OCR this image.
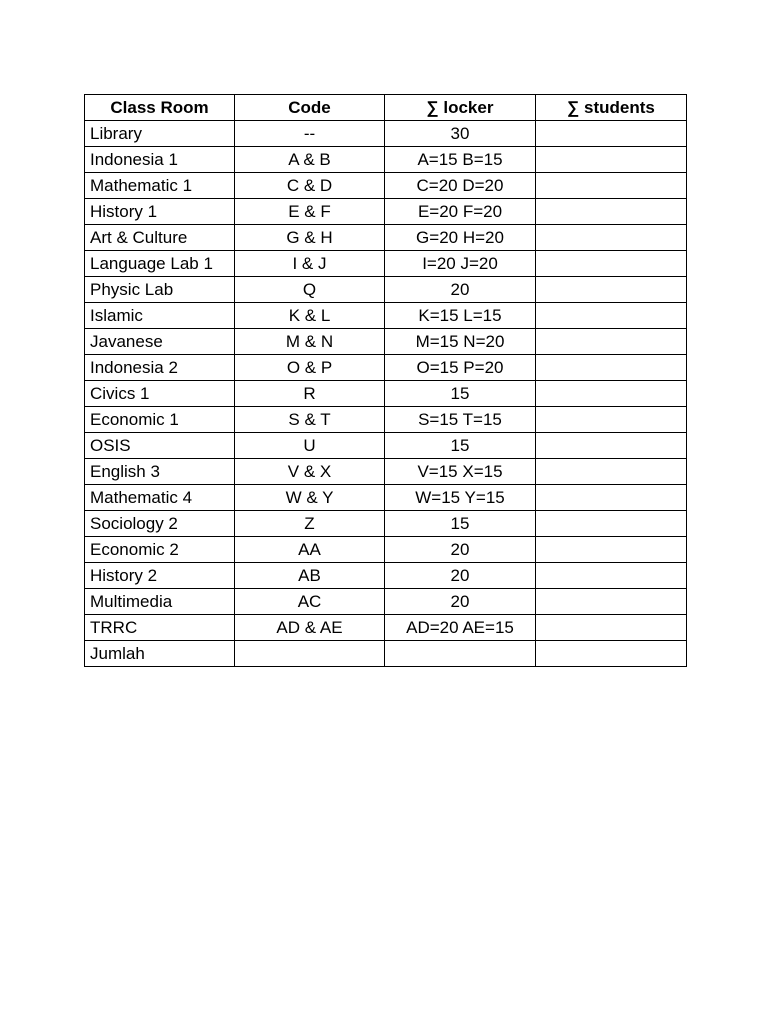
Class Room	Code	∑ locker	∑ students
Library	--	30	
Indonesia 1	A & B	A=15 B=15	
Mathematic 1	C & D	C=20 D=20	
History 1	E & F	E=20 F=20	
Art & Culture	G & H	G=20 H=20	
Language Lab 1	I & J	I=20 J=20	
Physic Lab	Q	20	
Islamic	K & L	K=15 L=15	
Javanese	M & N	M=15 N=20	
Indonesia 2	O & P	O=15 P=20	
Civics 1	R	15	
Economic 1	S & T	S=15 T=15	
OSIS	U	15	
English 3	V & X	V=15 X=15	
Mathematic 4	W & Y	W=15 Y=15	
Sociology 2	Z	15	
Economic 2	AA	20	
History 2	AB	20	
Multimedia	AC	20	
TRRC	AD & AE	AD=20 AE=15	
Jumlah			
